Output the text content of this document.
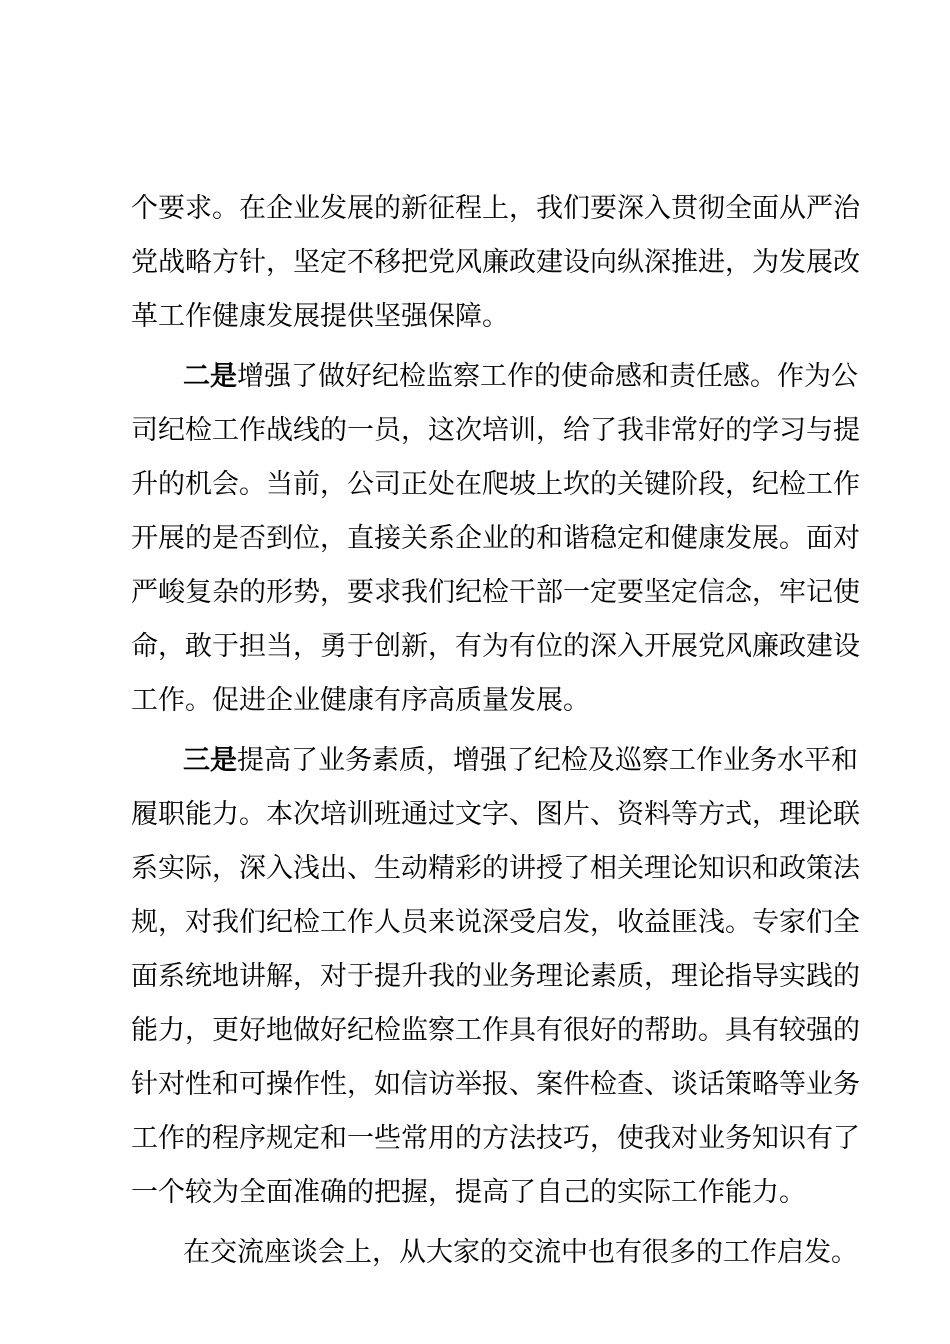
个要求。在企业发展的新征程上，我们要深入贯彻全面从严治
党战略方针，坚定不移把党风廉政建设向纵深推进，为发展改
革工作健康发展提供坚强保障。
二是增强了做好纪检监察工作的使命感和责任感。作为公
司纪检工作战线的一员，这次培训，给了我非常好的学习与提
升的机会。当前，公司正处在爬坡上坎的关键阶段，纪检工作
开展的是否到位，直接关系企业的和谐稳定和健康发展。面对
严峻复杂的形势，要求我们纪检干部一定要坚定信念，牢记使
命，敢于担当，勇于创新，有为有位的深入开展党风廉政建设
工作。促进企业健康有序高质量发展。
三是提高了业务素质，增强了纪检及巡察工作业务水平和
履职能力。本次培训班通过文字、图片、资料等方式，理论联
系实际，深入浅出、生动精彩的讲授了相关理论知识和政策法
规，对我们纪检工作人员来说深受启发，收益匪浅。专家们全
面系统地讲解，对于提升我的业务理论素质，理论指导实践的
能力，更好地做好纪检监察工作具有很好的帮助。具有较强的
针对性和可操作性，如信访举报、案件检查、谈话策略等业务
工作的程序规定和一些常用的方法技巧，使我对业务知识有了
一个较为全面准确的把握，提高了自己的实际工作能力。
在交流座谈会上，从大家的交流中也有很多的工作启发。
